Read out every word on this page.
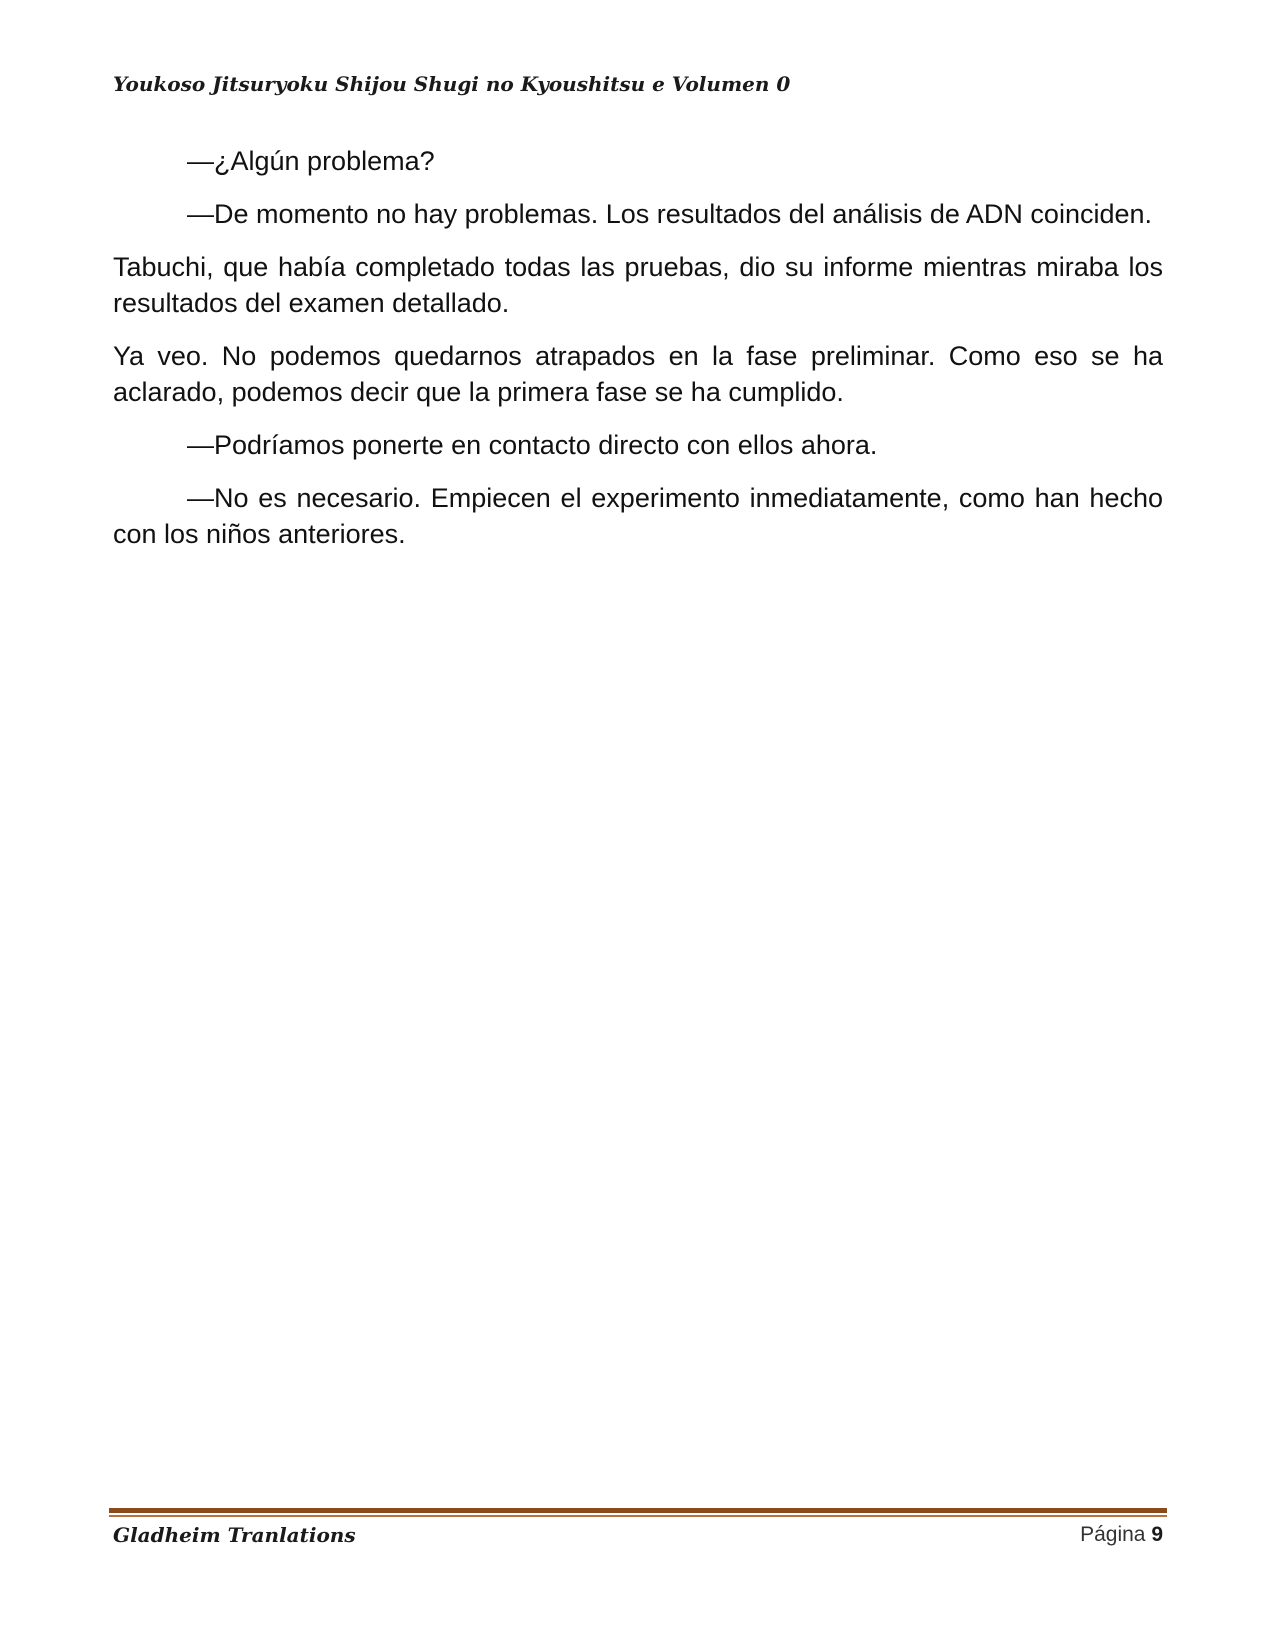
Youkoso Jitsuryoku Shijou Shugi no Kyoushitsu e Volumen 0

—¿Algún problema?

—De momento no hay problemas. Los resultados del análisis de ADN coinciden.

Tabuchi, que había completado todas las pruebas, dio su informe mientras miraba los resultados del examen detallado.

Ya veo. No podemos quedarnos atrapados en la fase preliminar. Como eso se ha aclarado, podemos decir que la primera fase se ha cumplido.

—Podríamos ponerte en contacto directo con ellos ahora.

—No es necesario. Empiecen el experimento inmediatamente, como han hecho con los niños anteriores.

Gladheim Tranlations	Página 9
